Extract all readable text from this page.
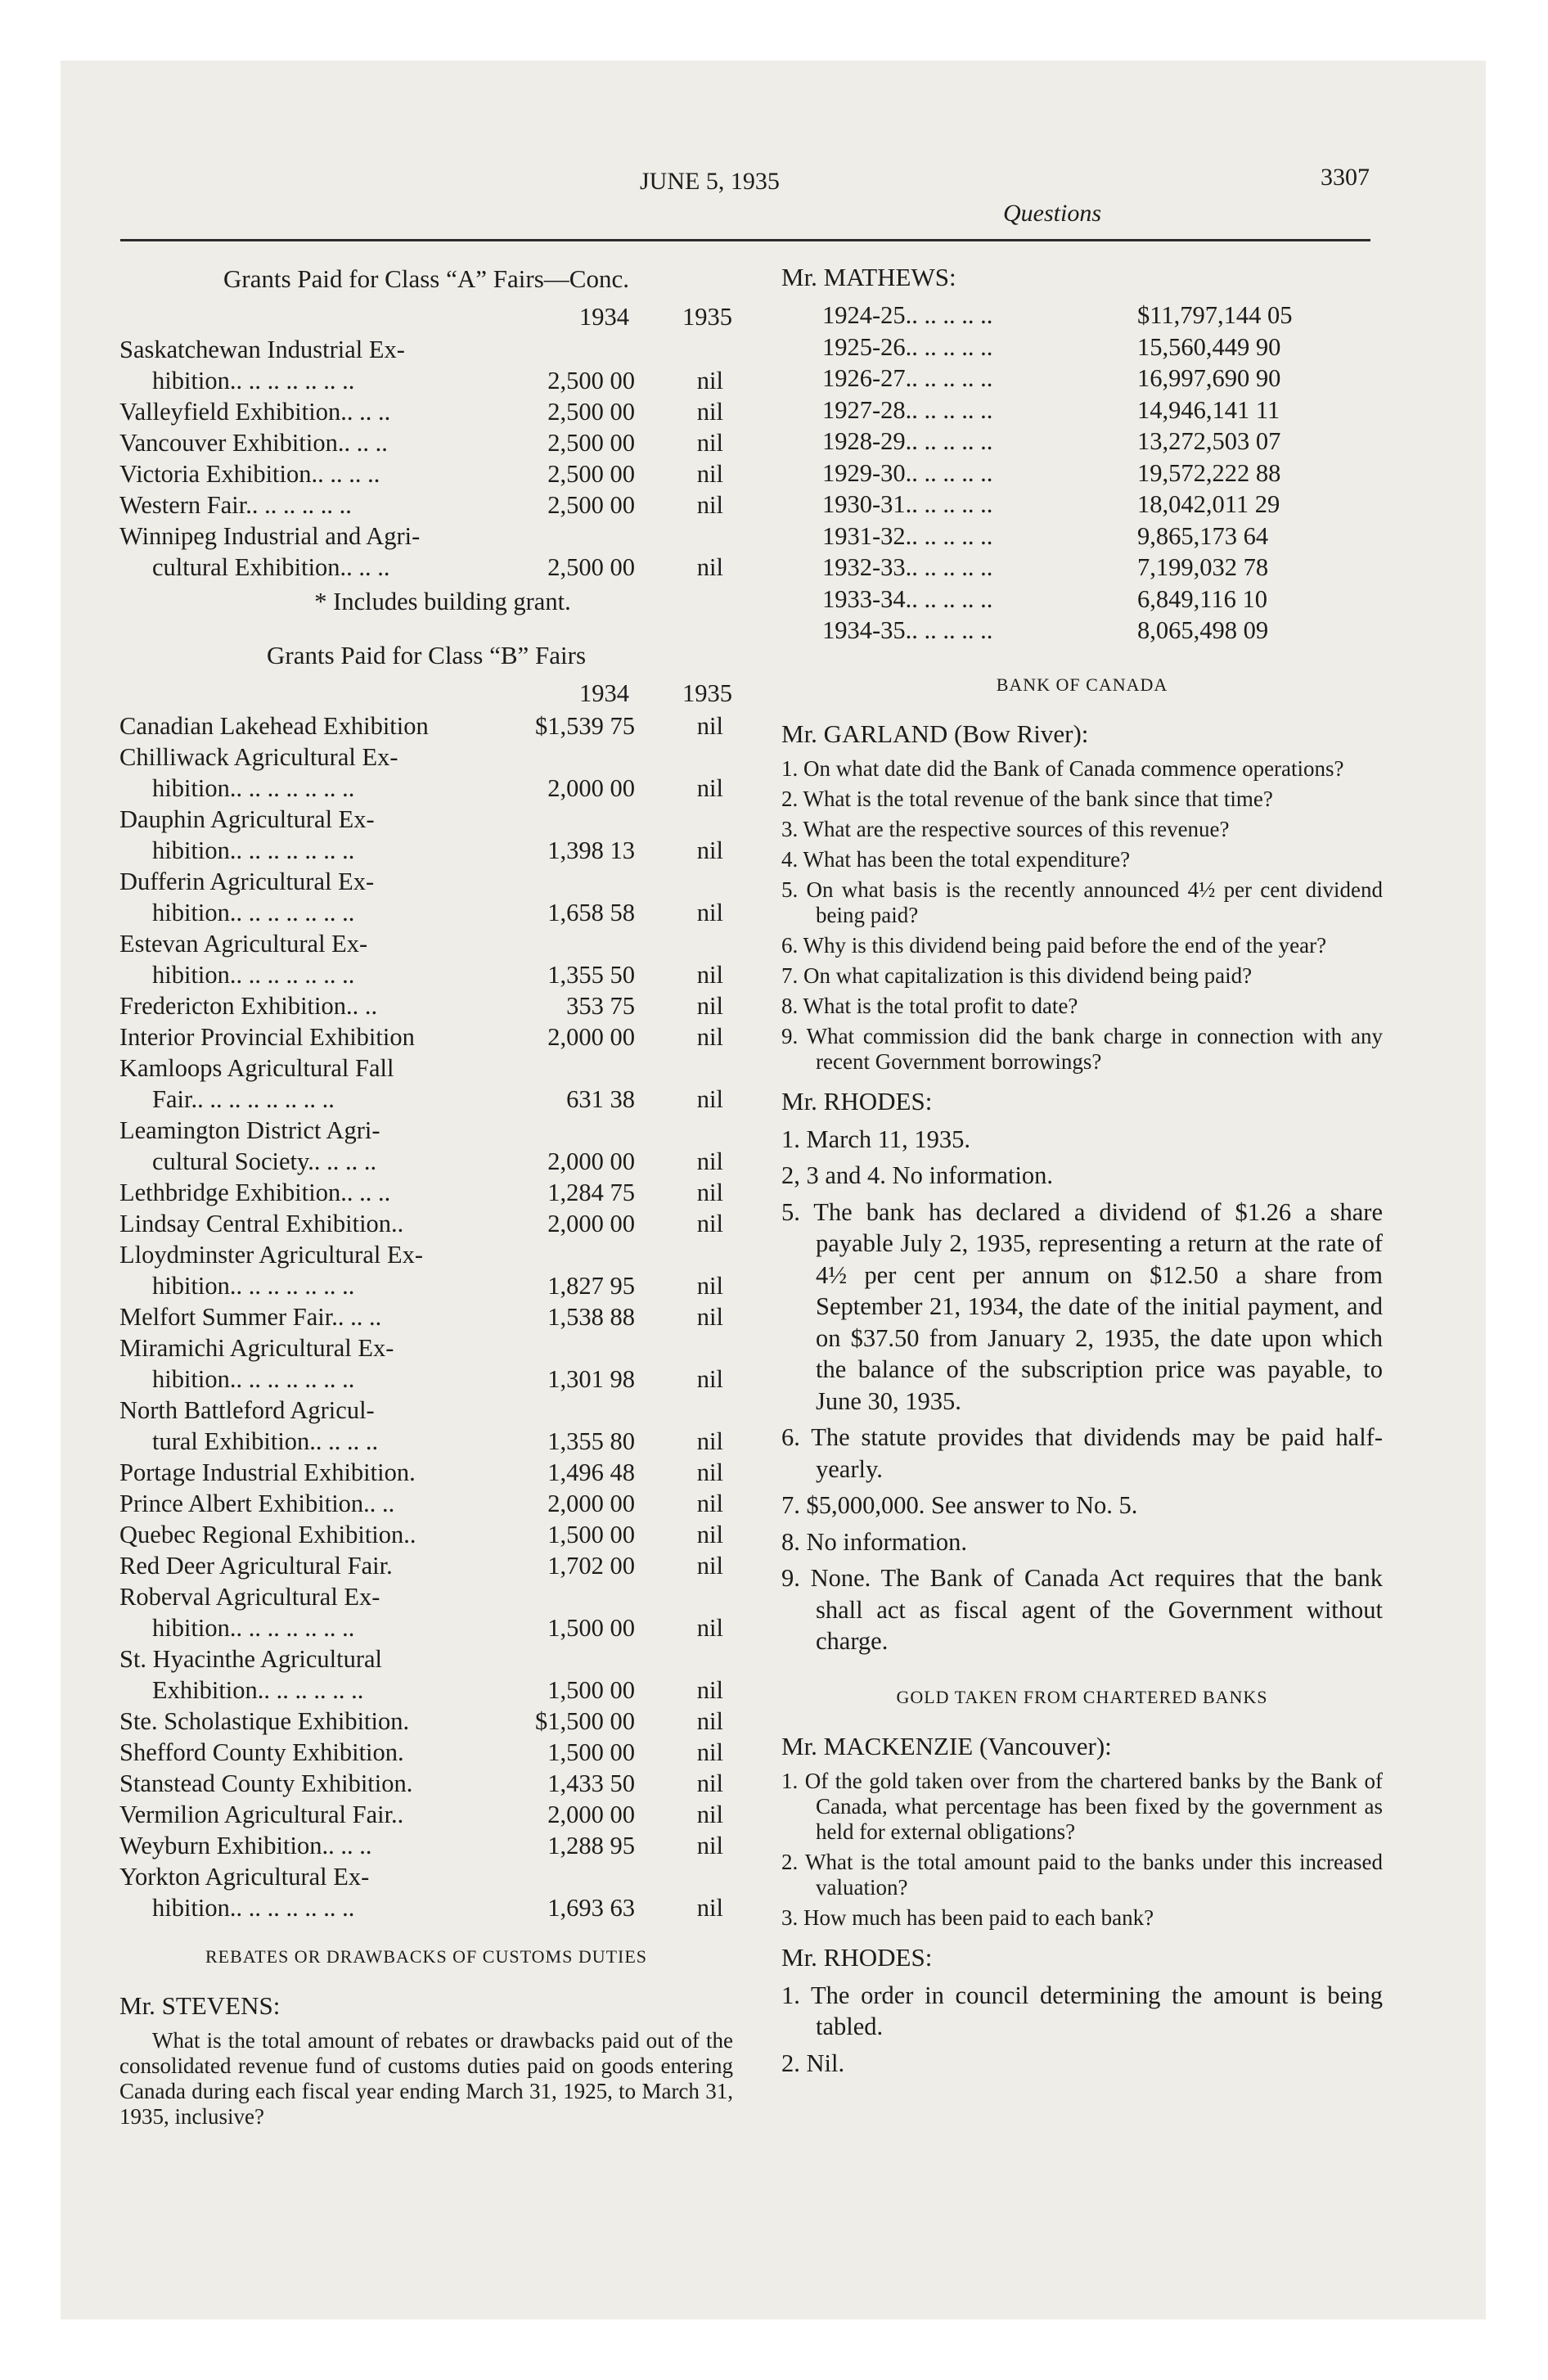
JUNE 5, 1935	3307
Questions
Grants Paid for Class “A” Fairs—Conc.
1934 1935
Saskatchewan Industrial Ex-
hibition.. .. .. .. .. .. ..	2,500 00 nil
Valleyfield Exhibition.. .. ..	2,500 00 nil
Vancouver Exhibition.. .. ..	2,500 00 nil
Victoria Exhibition.. .. .. ..	2,500 00 nil
Western Fair.. .. .. .. .. ..	2,500 00 nil
Winnipeg Industrial and Agri-
cultural Exhibition.. .. ..	2,500 00 nil
* Includes building grant.
Grants Paid for Class “B” Fairs
1934 1935
Canadian Lakehead Exhibition	$1,539 75 nil
Chilliwack Agricultural Ex-
hibition.. .. .. .. .. .. ..	2,000 00 nil
Dauphin Agricultural Ex-
hibition.. .. .. .. .. .. ..	1,398 13 nil
Dufferin Agricultural Ex-
hibition.. .. .. .. .. .. ..	1,658 58 nil
Estevan Agricultural Ex-
hibition.. .. .. .. .. .. ..	1,355 50 nil
Fredericton Exhibition.. ..	353 75 nil
Interior Provincial Exhibition	2,000 00 nil
Kamloops Agricultural Fall
Fair.. .. .. .. .. .. .. ..	631 38 nil
Leamington District Agri-
cultural Society.. .. .. ..	2,000 00 nil
Lethbridge Exhibition.. .. ..	1,284 75 nil
Lindsay Central Exhibition..	2,000 00 nil
Lloydminster Agricultural Ex-
hibition.. .. .. .. .. .. ..	1,827 95 nil
Melfort Summer Fair.. .. ..	1,538 88 nil
Miramichi Agricultural Ex-
hibition.. .. .. .. .. .. ..	1,301 98 nil
North Battleford Agricul-
tural Exhibition.. .. .. ..	1,355 80 nil
Portage Industrial Exhibition.	1,496 48 nil
Prince Albert Exhibition.. ..	2,000 00 nil
Quebec Regional Exhibition..	1,500 00 nil
Red Deer Agricultural Fair.	1,702 00 nil
Roberval Agricultural Ex-
hibition.. .. .. .. .. .. ..	1,500 00 nil
St. Hyacinthe Agricultural
Exhibition.. .. .. .. .. ..	1,500 00 nil
Ste. Scholastique Exhibition.	$1,500 00 nil
Shefford County Exhibition.	1,500 00 nil
Stanstead County Exhibition.	1,433 50 nil
Vermilion Agricultural Fair..	2,000 00 nil
Weyburn Exhibition.. .. ..	1,288 95 nil
Yorkton Agricultural Ex-
hibition.. .. .. .. .. .. ..	1,693 63 nil
REBATES OR DRAWBACKS OF CUSTOMS DUTIES
Mr. STEVENS:
What is the total amount of rebates or drawbacks paid out of the consolidated revenue fund of customs duties paid on goods entering Canada during each fiscal year ending March 31, 1925, to March 31, 1935, inclusive?
Mr. MATHEWS:
1924-25.. .. .. .. ..	$11,797,144 05
1925-26.. .. .. .. ..	15,560,449 90
1926-27.. .. .. .. ..	16,997,690 90
1927-28.. .. .. .. ..	14,946,141 11
1928-29.. .. .. .. ..	13,272,503 07
1929-30.. .. .. .. ..	19,572,222 88
1930-31.. .. .. .. ..	18,042,011 29
1931-32.. .. .. .. ..	9,865,173 64
1932-33.. .. .. .. ..	7,199,032 78
1933-34.. .. .. .. ..	6,849,116 10
1934-35.. .. .. .. ..	8,065,498 09
BANK OF CANADA
Mr. GARLAND (Bow River):
1. On what date did the Bank of Canada commence operations?
2. What is the total revenue of the bank since that time?
3. What are the respective sources of this revenue?
4. What has been the total expenditure?
5. On what basis is the recently announced 4½ per cent dividend being paid?
6. Why is this dividend being paid before the end of the year?
7. On what capitalization is this dividend being paid?
8. What is the total profit to date?
9. What commission did the bank charge in connection with any recent Government borrowings?
Mr. RHODES:
1. March 11, 1935.
2, 3 and 4. No information.
5. The bank has declared a dividend of $1.26 a share payable July 2, 1935, representing a return at the rate of 4½ per cent per annum on $12.50 a share from September 21, 1934, the date of the initial payment, and on $37.50 from January 2, 1935, the date upon which the balance of the subscription price was payable, to June 30, 1935.
6. The statute provides that dividends may be paid half-yearly.
7. $5,000,000. See answer to No. 5.
8. No information.
9. None. The Bank of Canada Act requires that the bank shall act as fiscal agent of the Government without charge.
GOLD TAKEN FROM CHARTERED BANKS
Mr. MACKENZIE (Vancouver):
1. Of the gold taken over from the chartered banks by the Bank of Canada, what percentage has been fixed by the government as held for external obligations?
2. What is the total amount paid to the banks under this increased valuation?
3. How much has been paid to each bank?
Mr. RHODES:
1. The order in council determining the amount is being tabled.
2. Nil.
